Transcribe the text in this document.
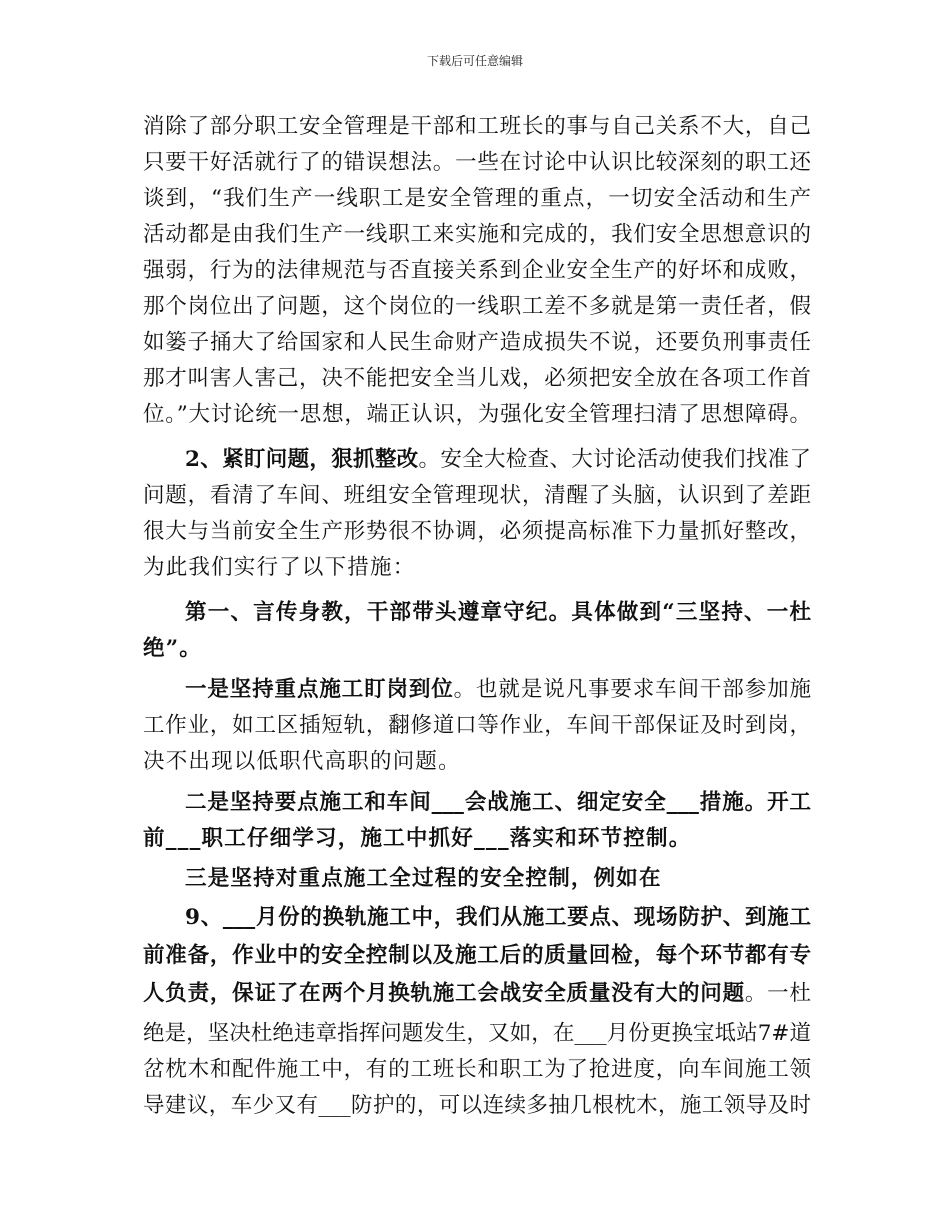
下载后可任意编辑
消除了部分职工安全管理是干部和工班长的事与自己关系不大，自己
只要干好活就行了的错误想法。一些在讨论中认识比较深刻的职工还
谈到，“我们生产一线职工是安全管理的重点，一切安全活动和生产
活动都是由我们生产一线职工来实施和完成的，我们安全思想意识的
强弱，行为的法律规范与否直接关系到企业安全生产的好坏和成败，
那个岗位出了问题，这个岗位的一线职工差不多就是第一责任者，假
如篓子捅大了给国家和人民生命财产造成损失不说，还要负刑事责任
那才叫害人害己，决不能把安全当儿戏，必须把安全放在各项工作首
位。”大讨论统一思想，端正认识，为强化安全管理扫清了思想障碍。
2、紧盯问题，狠抓整改。安全大检查、大讨论活动使我们找准了
问题，看清了车间、班组安全管理现状，清醒了头脑，认识到了差距
很大与当前安全生产形势很不协调，必须提高标准下力量抓好整改，
为此我们实行了以下措施：
第一、言传身教，干部带头遵章守纪。具体做到“三坚持、一杜
绝”。
一是坚持重点施工盯岗到位。也就是说凡事要求车间干部参加施
工作业，如工区插短轨，翻修道口等作业，车间干部保证及时到岗，
决不出现以低职代高职的问题。
二是坚持要点施工和车间___会战施工、细定安全___措施。开工
前___职工仔细学习，施工中抓好___落实和环节控制。
三是坚持对重点施工全过程的安全控制，例如在
9、___月份的换轨施工中，我们从施工要点、现场防护、到施工
前准备，作业中的安全控制以及施工后的质量回检，每个环节都有专
人负责，保证了在两个月换轨施工会战安全质量没有大的问题。一杜
绝是，坚决杜绝违章指挥问题发生，又如，在___月份更换宝坻站7#道
岔枕木和配件施工中，有的工班长和职工为了抢进度，向车间施工领
导建议，车少又有___防护的，可以连续多抽几根枕木，施工领导及时
